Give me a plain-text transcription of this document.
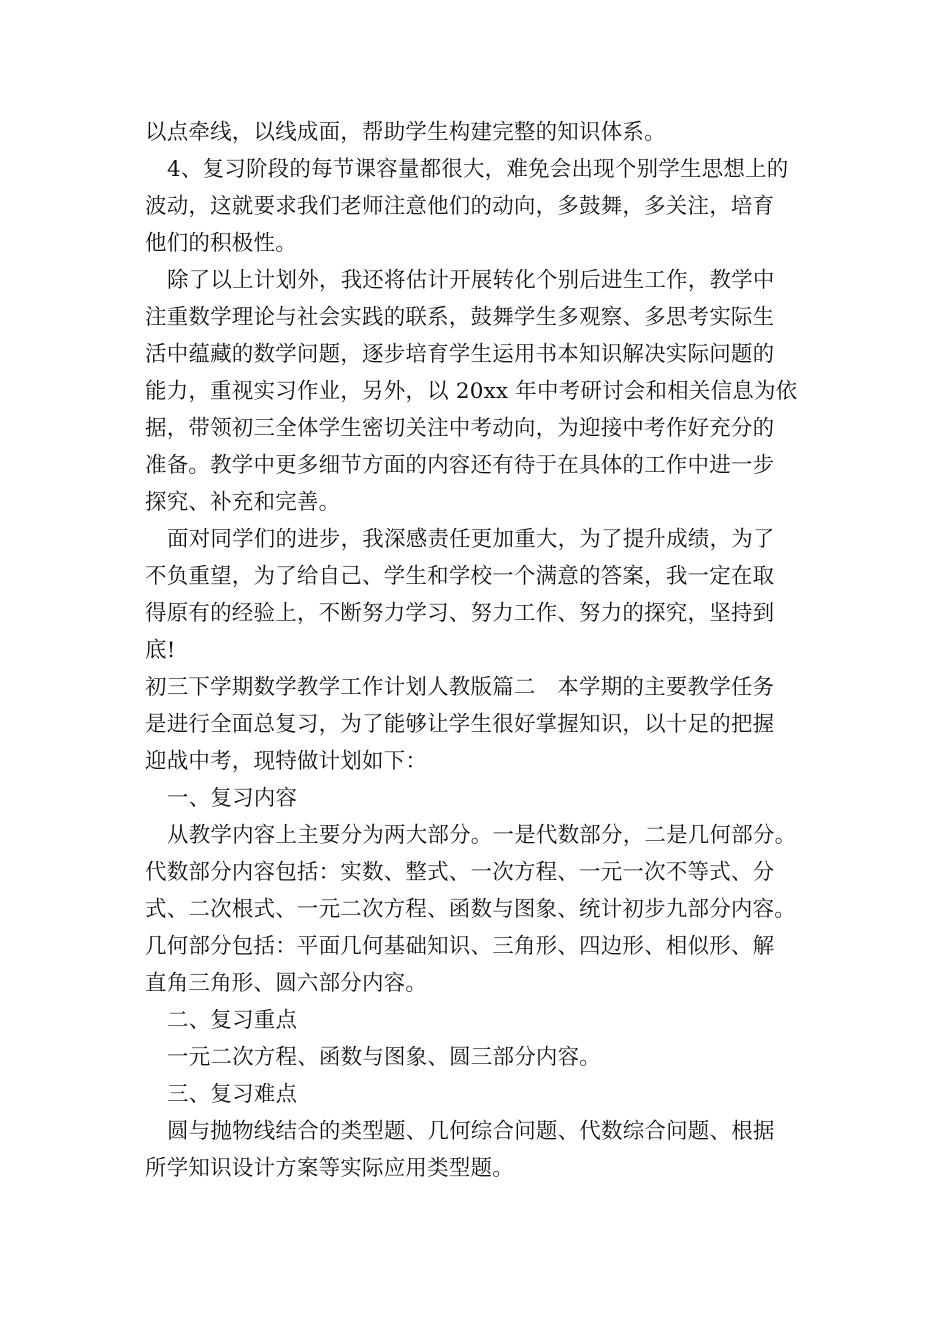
以点牵线，以线成面，帮助学生构建完整的知识体系。
4、复习阶段的每节课容量都很大，难免会出现个别学生思想上的
波动，这就要求我们老师注意他们的动向，多鼓舞，多关注，培育
他们的积极性。
除了以上计划外，我还将估计开展转化个别后进生工作，教学中
注重数学理论与社会实践的联系，鼓舞学生多观察、多思考实际生
活中蕴藏的数学问题，逐步培育学生运用书本知识解决实际问题的
能力，重视实习作业，另外，以 20xx 年中考研讨会和相关信息为依
据，带领初三全体学生密切关注中考动向，为迎接中考作好充分的
准备。教学中更多细节方面的内容还有待于在具体的工作中进一步
探究、补充和完善。
面对同学们的进步，我深感责任更加重大，为了提升成绩，为了
不负重望，为了给自己、学生和学校一个满意的答案，我一定在取
得原有的经验上，不断努力学习、努力工作、努力的探究，坚持到
底!
初三下学期数学教学工作计划人教版篇二　本学期的主要教学任务
是进行全面总复习，为了能够让学生很好掌握知识，以十足的把握
迎战中考，现特做计划如下：
一、复习内容
从教学内容上主要分为两大部分。一是代数部分，二是几何部分。
代数部分内容包括：实数、整式、一次方程、一元一次不等式、分
式、二次根式、一元二次方程、函数与图象、统计初步九部分内容。
几何部分包括：平面几何基础知识、三角形、四边形、相似形、解
直角三角形、圆六部分内容。
二、复习重点
一元二次方程、函数与图象、圆三部分内容。
三、复习难点
圆与抛物线结合的类型题、几何综合问题、代数综合问题、根据
所学知识设计方案等实际应用类型题。
